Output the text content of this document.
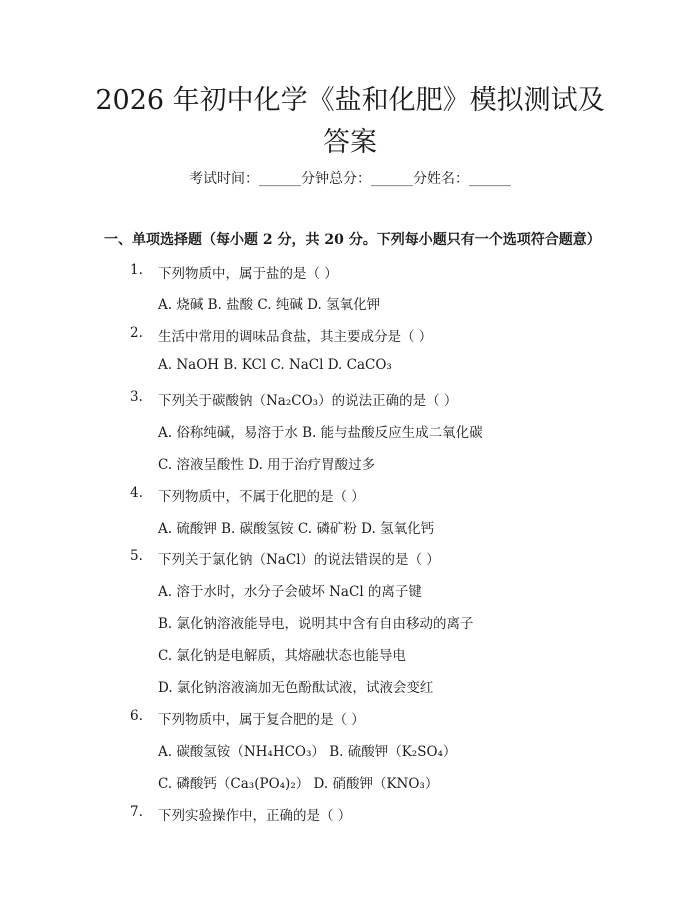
2026 年初中化学《盐和化肥》模拟测试及答案
考试时间：______分钟总分：______分姓名：______
一、单项选择题（每小题 2 分，共 20 分。下列每小题只有一个选项符合题意）
1. 下列物质中，属于盐的是（ ）
A. 烧碱 B. 盐酸 C. 纯碱 D. 氢氧化钾
2. 生活中常用的调味品食盐，其主要成分是（ ）
A. NaOH B. KCl C. NaCl D. CaCO₃
3. 下列关于碳酸钠（Na₂CO₃）的说法正确的是（ ）
A. 俗称纯碱，易溶于水 B. 能与盐酸反应生成二氧化碳
C. 溶液呈酸性 D. 用于治疗胃酸过多
4. 下列物质中，不属于化肥的是（ ）
A. 硫酸钾 B. 碳酸氢铵 C. 磷矿粉 D. 氢氧化钙
5. 下列关于氯化钠（NaCl）的说法错误的是（ ）
A. 溶于水时，水分子会破坏 NaCl 的离子键
B. 氯化钠溶液能导电，说明其中含有自由移动的离子
C. 氯化钠是电解质，其熔融状态也能导电
D. 氯化钠溶液滴加无色酚酞试液，试液会变红
6. 下列物质中，属于复合肥的是（ ）
A. 碳酸氢铵（NH₄HCO₃） B. 硫酸钾（K₂SO₄）
C. 磷酸钙（Ca₃(PO₄)₂） D. 硝酸钾（KNO₃）
7. 下列实验操作中，正确的是（ ）
